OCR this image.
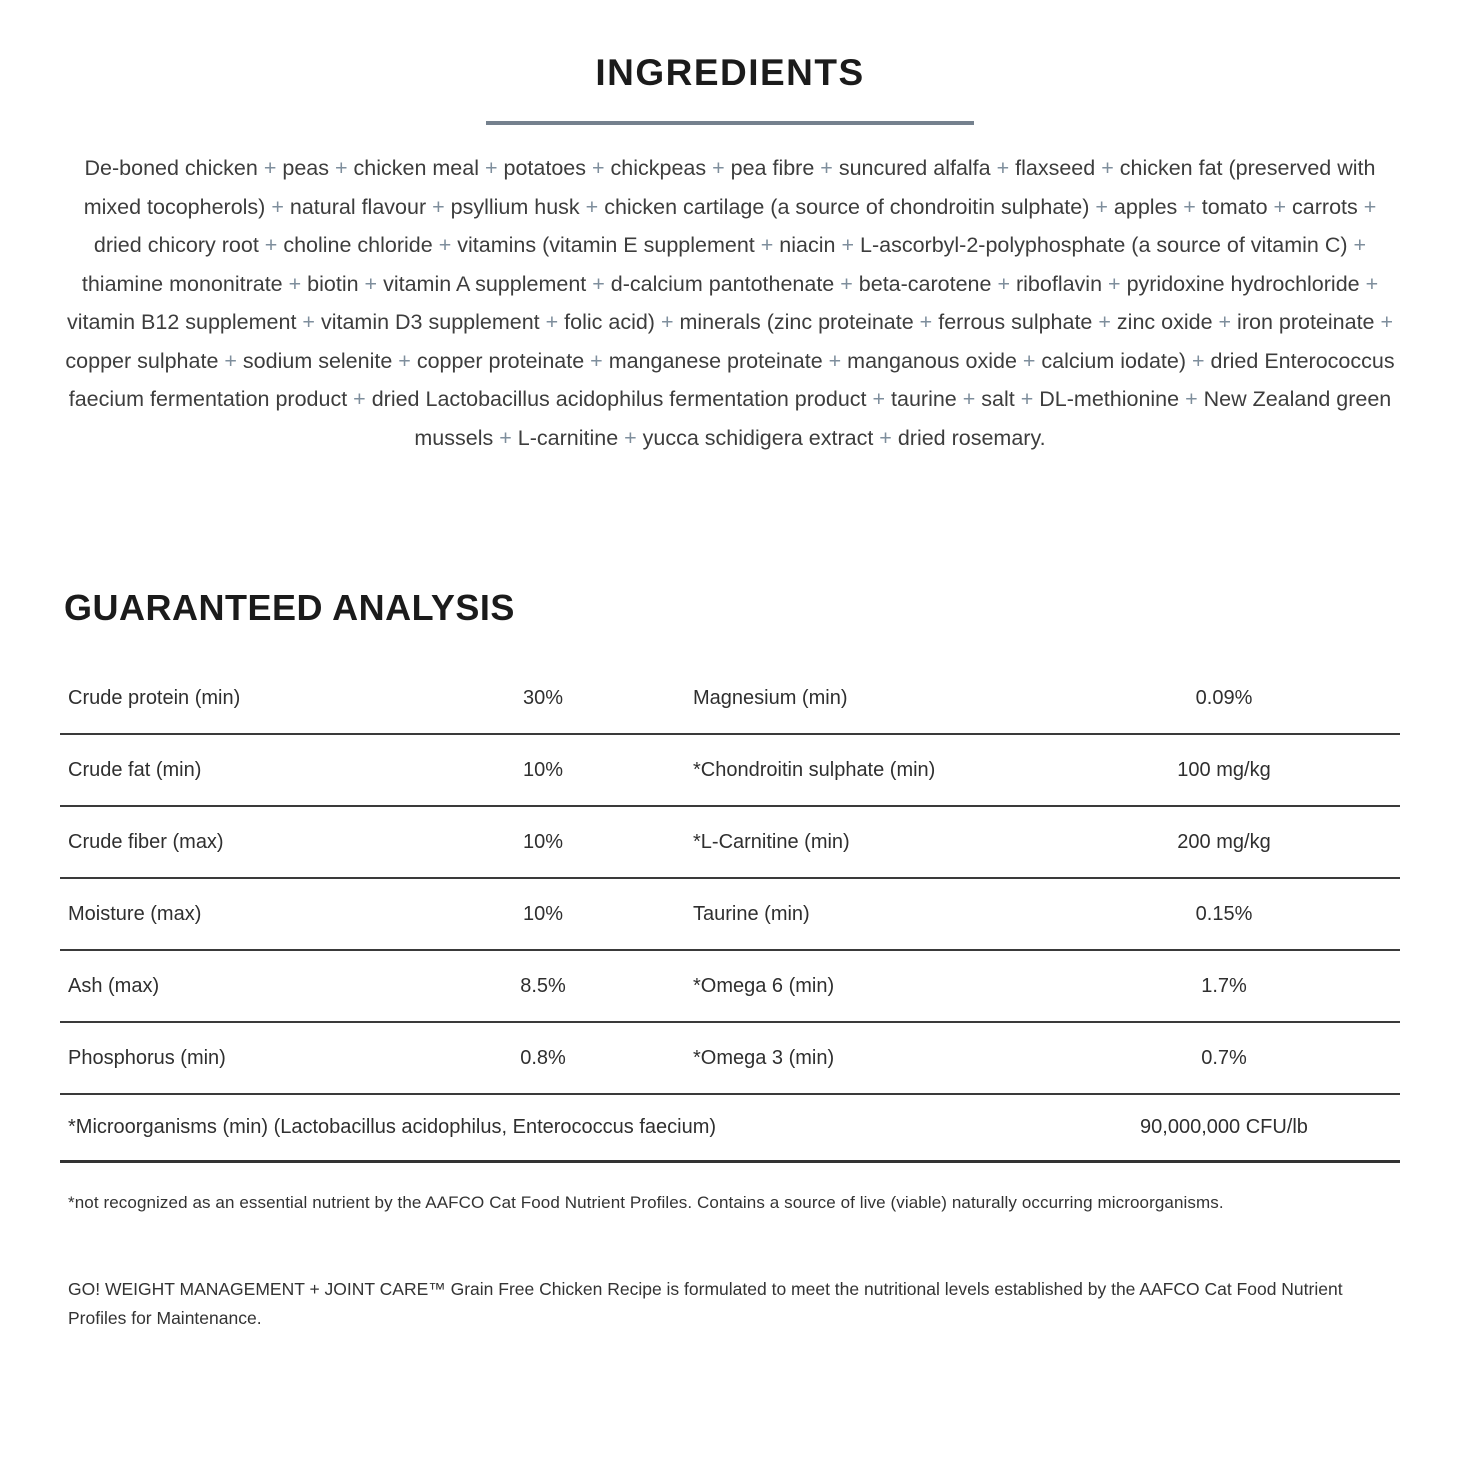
INGREDIENTS

De-boned chicken + peas + chicken meal + potatoes + chickpeas + pea fibre + suncured alfalfa + flaxseed + chicken fat (preserved with mixed tocopherols) + natural flavour + psyllium husk + chicken cartilage (a source of chondroitin sulphate) + apples + tomato + carrots + dried chicory root + choline chloride + vitamins (vitamin E supplement + niacin + L-ascorbyl-2-polyphosphate (a source of vitamin C) + thiamine mononitrate + biotin + vitamin A supplement + d-calcium pantothenate + beta-carotene + riboflavin + pyridoxine hydrochloride + vitamin B12 supplement + vitamin D3 supplement + folic acid) + minerals (zinc proteinate + ferrous sulphate + zinc oxide + iron proteinate + copper sulphate + sodium selenite + copper proteinate + manganese proteinate + manganous oxide + calcium iodate) + dried Enterococcus faecium fermentation product + dried Lactobacillus acidophilus fermentation product + taurine + salt + DL-methionine + New Zealand green mussels + L-carnitine + yucca schidigera extract + dried rosemary.

GUARANTEED ANALYSIS
Crude protein (min)	30%	Magnesium (min)	0.09%
Crude fat (min)	10%	*Chondroitin sulphate (min)	100 mg/kg
Crude fiber (max)	10%	*L-Carnitine (min)	200 mg/kg
Moisture (max)	10%	Taurine (min)	0.15%
Ash (max)	8.5%	*Omega 6 (min)	1.7%
Phosphorus (min)	0.8%	*Omega 3 (min)	0.7%
*Microorganisms (min) (Lactobacillus acidophilus, Enterococcus faecium)	90,000,000 CFU/lb
*not recognized as an essential nutrient by the AAFCO Cat Food Nutrient Profiles. Contains a source of live (viable) naturally occurring microorganisms.
GO! WEIGHT MANAGEMENT + JOINT CARE™ Grain Free Chicken Recipe is formulated to meet the nutritional levels established by the AAFCO Cat Food Nutrient Profiles for Maintenance.
